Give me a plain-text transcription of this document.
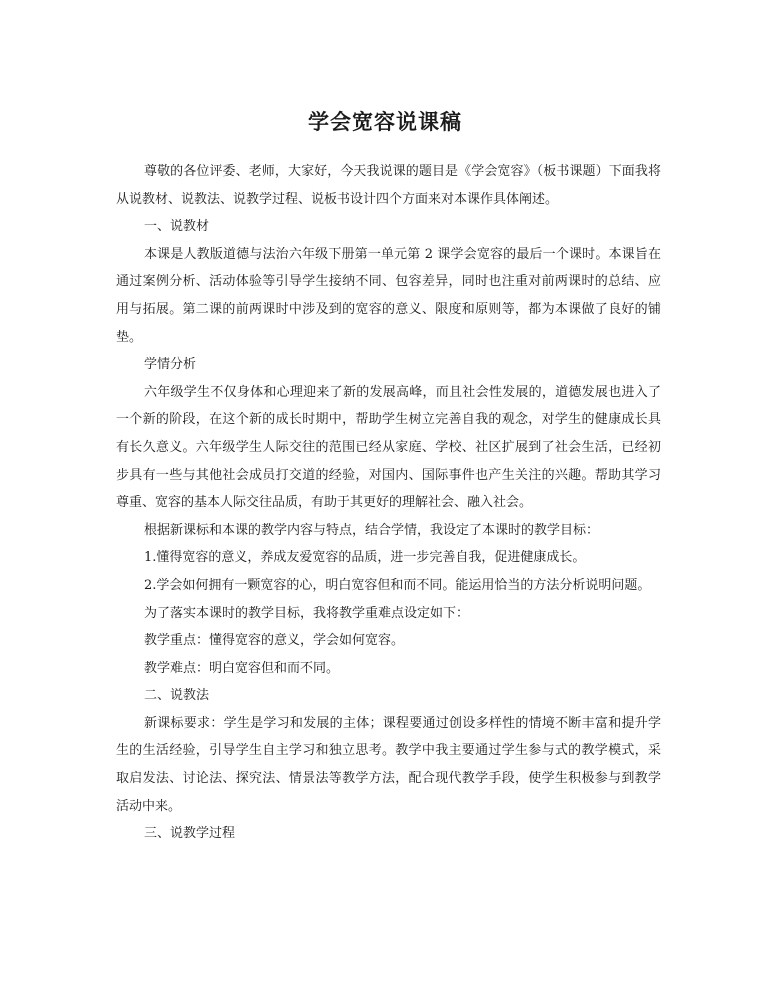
学会宽容说课稿

尊敬的各位评委、老师，大家好，今天我说课的题目是《学会宽容》（板书课题）下面我将从说教材、说教法、说教学过程、说板书设计四个方面来对本课作具体阐述。

一、说教材

本课是人教版道德与法治六年级下册第一单元第 2 课学会宽容的最后一个课时。本课旨在通过案例分析、活动体验等引导学生接纳不同、包容差异，同时也注重对前两课时的总结、应用与拓展。第二课的前两课时中涉及到的宽容的意义、限度和原则等，都为本课做了良好的铺垫。

学情分析

六年级学生不仅身体和心理迎来了新的发展高峰，而且社会性发展的，道德发展也进入了一个新的阶段，在这个新的成长时期中，帮助学生树立完善自我的观念，对学生的健康成长具有长久意义。六年级学生人际交往的范围已经从家庭、学校、社区扩展到了社会生活，已经初步具有一些与其他社会成员打交道的经验，对国内、国际事件也产生关注的兴趣。帮助其学习尊重、宽容的基本人际交往品质，有助于其更好的理解社会、融入社会。

根据新课标和本课的教学内容与特点，结合学情，我设定了本课时的教学目标：

1.懂得宽容的意义，养成友爱宽容的品质，进一步完善自我，促进健康成长。

2.学会如何拥有一颗宽容的心，明白宽容但和而不同。能运用恰当的方法分析说明问题。

为了落实本课时的教学目标，我将教学重难点设定如下：

教学重点：懂得宽容的意义，学会如何宽容。

教学难点：明白宽容但和而不同。

二、说教法

新课标要求：学生是学习和发展的主体；课程要通过创设多样性的情境不断丰富和提升学生的生活经验，引导学生自主学习和独立思考。教学中我主要通过学生参与式的教学模式，采取启发法、讨论法、探究法、情景法等教学方法，配合现代教学手段，使学生积极参与到教学活动中来。

三、说教学过程
